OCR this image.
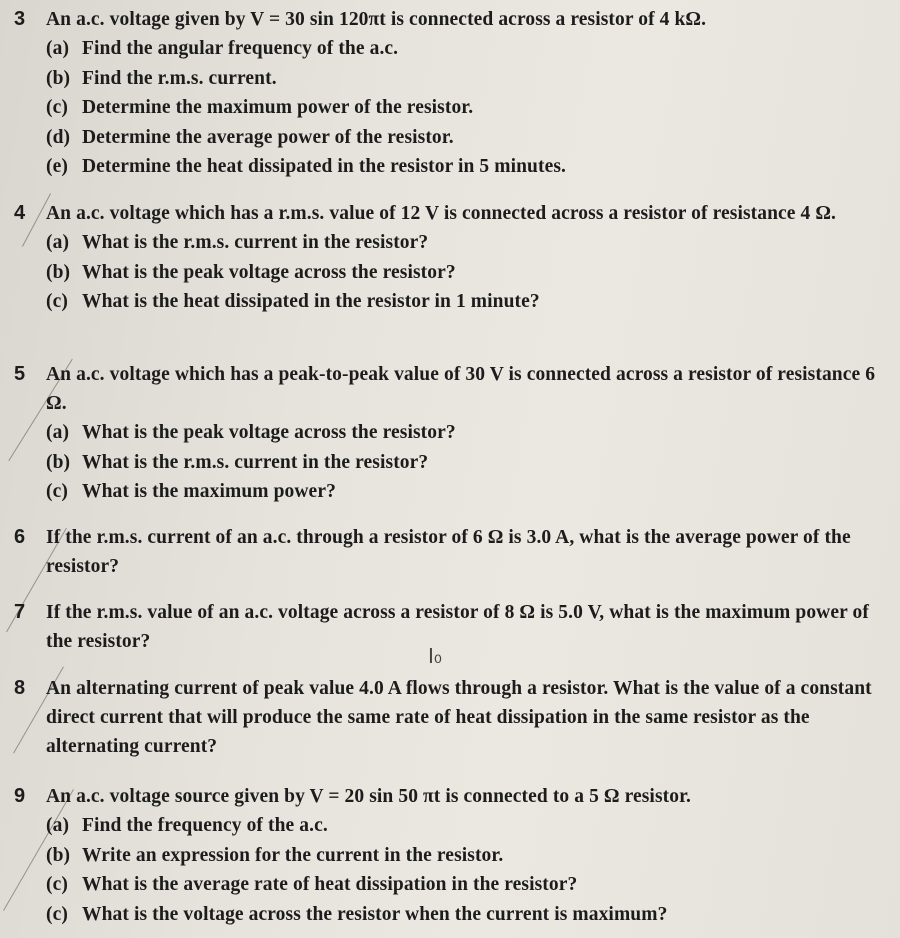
I₀
3	An a.c. voltage given by V = 30 sin 120πt is connected across a resistor of 4 kΩ.
(a) Find the angular frequency of the a.c.
(b) Find the r.m.s. current.
(c) Determine the maximum power of the resistor.
(d) Determine the average power of the resistor.
(e) Determine the heat dissipated in the resistor in 5 minutes.
4	An a.c. voltage which has a r.m.s. value of 12 V is connected across a resistor of resistance 4 Ω.
(a) What is the r.m.s. current in the resistor?
(b) What is the peak voltage across the resistor?
(c) What is the heat dissipated in the resistor in 1 minute?
5	An a.c. voltage which has a peak-to-peak value of 30 V is connected across a resistor of resistance 6 Ω.
(a) What is the peak voltage across the resistor?
(b) What is the r.m.s. current in the resistor?
(c) What is the maximum power?
6	If the r.m.s. current of an a.c. through a resistor of 6 Ω is 3.0 A, what is the average power of the resistor?
7	If the r.m.s. value of an a.c. voltage across a resistor of 8 Ω is 5.0 V, what is the maximum power of the resistor?
8	An alternating current of peak value 4.0 A flows through a resistor. What is the value of a constant direct current that will produce the same rate of heat dissipation in the same resistor as the alternating current?
9	An a.c. voltage source given by V = 20 sin 50 πt is connected to a 5 Ω resistor.
(a) Find the frequency of the a.c.
(b) Write an expression for the current in the resistor.
(c) What is the average rate of heat dissipation in the resistor?
(c) What is the voltage across the resistor when the current is maximum?
